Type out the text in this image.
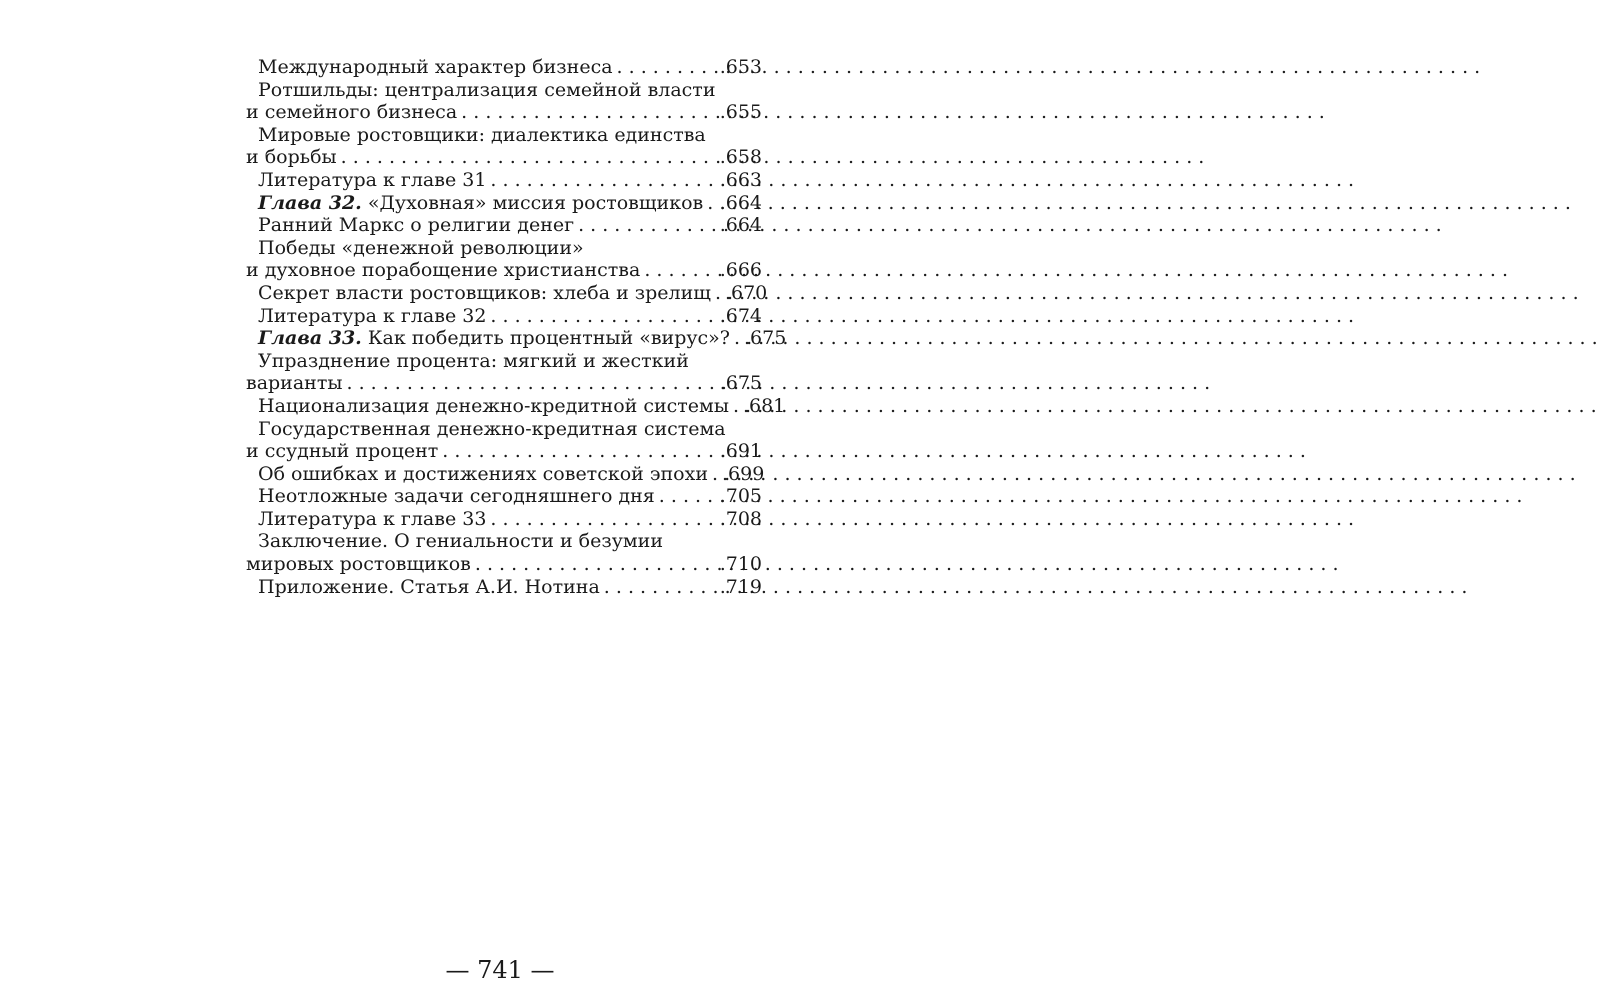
Международный характер бизнеса . . .	.653
Ротшильды: централизация семейной власти
и семейного бизнеса . . .	.655
Мировые ростовщики: диалектика единства
и борьбы . . .	.658
Литература к главе 31 . . .	.663
Глава 32. «Духовная» миссия ростовщиков . . . .664
Ранний Маркс о религии денег . . .	.664
Победы «денежной революции»
и духовное порабощение христианства . . .	.666
Секрет власти ростовщиков: хлеба и зрелищ . . . .670
Литература к главе 32 . . .	.674
Глава 33. Как победить процентный «вирус»? . . . .675
Упразднение процента: мягкий и жесткий
варианты . . .	.675
Национализация денежно-кредитной системы . . . .681
Государственная денежно-кредитная система
и ссудный процент . . .	.691
Об ошибках и достижениях советской эпохи . . . .699
Неотложные задачи сегодняшнего дня . . .	.705
Литература к главе 33 . . .	.708
Заключение. О гениальности и безумии
мировых ростовщиков . . .	.710
Приложение. Статья А.И. Нотина . . .	.719
— 741 —
